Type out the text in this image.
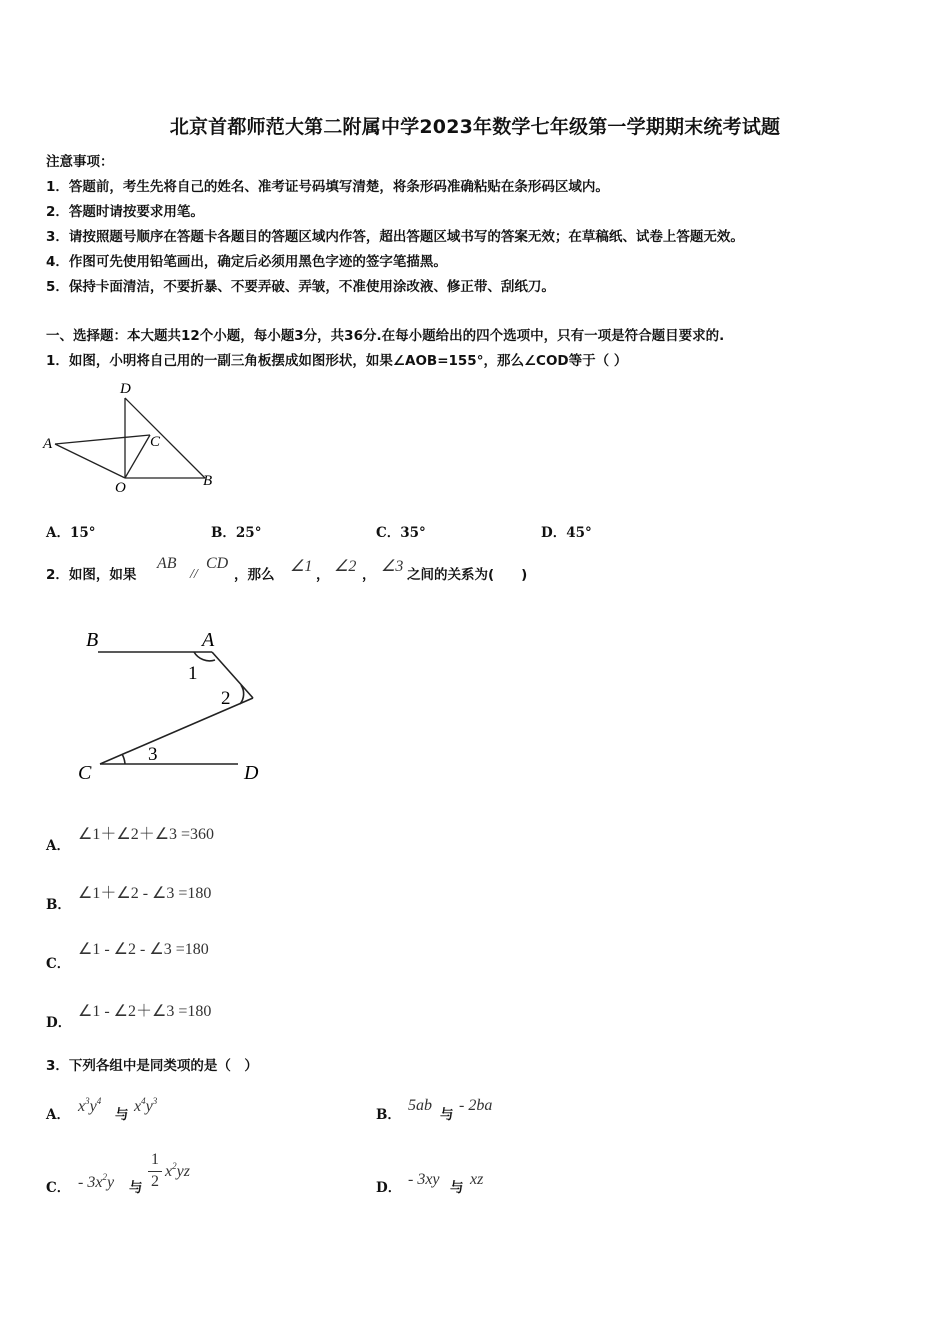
北京首都师范大第二附属中学2023年数学七年级第一学期期末统考试题
注意事项：
1．答题前，考生先将自己的姓名、准考证号码填写清楚，将条形码准确粘贴在条形码区域内。
2．答题时请按要求用笔。
3．请按照题号顺序在答题卡各题目的答题区域内作答，超出答题区域书写的答案无效；在草稿纸、试卷上答题无效。
4．作图可先使用铅笔画出，确定后必须用黑色字迹的签字笔描黑。
5．保持卡面清洁，不要折暴、不要弄破、弄皱，不准使用涂改液、修正带、刮纸刀。
一、选择题：本大题共12个小题，每小题3分，共36分.在每小题给出的四个选项中，只有一项是符合题目要求的.
1．如图，小明将自己用的一副三角板摆成如图形状，如果∠AOB=155°，那么∠COD等于（ ）
D
A	C
O	B
A．15°	B．25°	C．35°	D．45°
2．如图，如果
AB
//
CD
，那么 ∠1 ， ∠2 ， ∠3 之间的关系为(　　)
B	A
1
2
3
C	D
A．
∠1＋∠2＋∠3 =360
B．
∠1＋∠2 - ∠3 =180
C．
∠1 - ∠2 - ∠3 =180
D．
∠1 - ∠2＋∠3 =180
3．下列各组中是同类项的是（　）
A． $x^3y^4$
与 $x^4y^3$
B．
5ab
与
- 2ba
C． - $3x^2y$ 与
1
2
$x^2yz$
D． - 3xy 与 xz
